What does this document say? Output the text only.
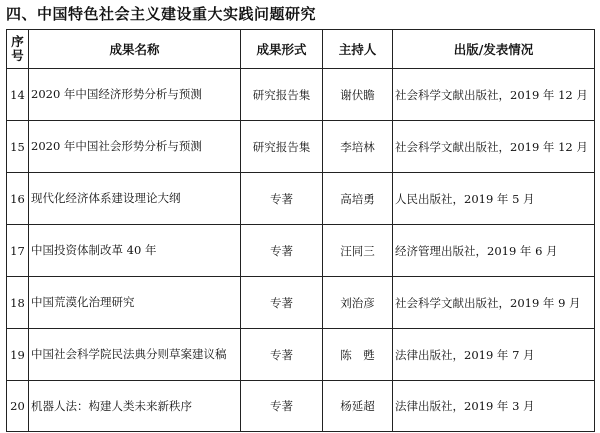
四、中国特色社会主义建设重大实践问题研究
序
号	成果名称	成果形式	主持人	出版/发表情况
14	2020 年中国经济形势分析与预测	研究报告集	谢伏瞻	社会科学文献出版社，2019 年 12 月
15	2020 年中国社会形势分析与预测	研究报告集	李培林	社会科学文献出版社，2019 年 12 月
16	现代化经济体系建设理论大纲	专著	高培勇	人民出版社，2019 年 5 月
17	中国投资体制改革 40 年	专著	汪同三	经济管理出版社，2019 年 6 月
18	中国荒漠化治理研究	专著	刘治彦	社会科学文献出版社，2019 年 9 月
19	中国社会科学院民法典分则草案建议稿	专著	陈　甦	法律出版社，2019 年 7 月
20	机器人法：构建人类未来新秩序	专著	杨延超	法律出版社，2019 年 3 月
